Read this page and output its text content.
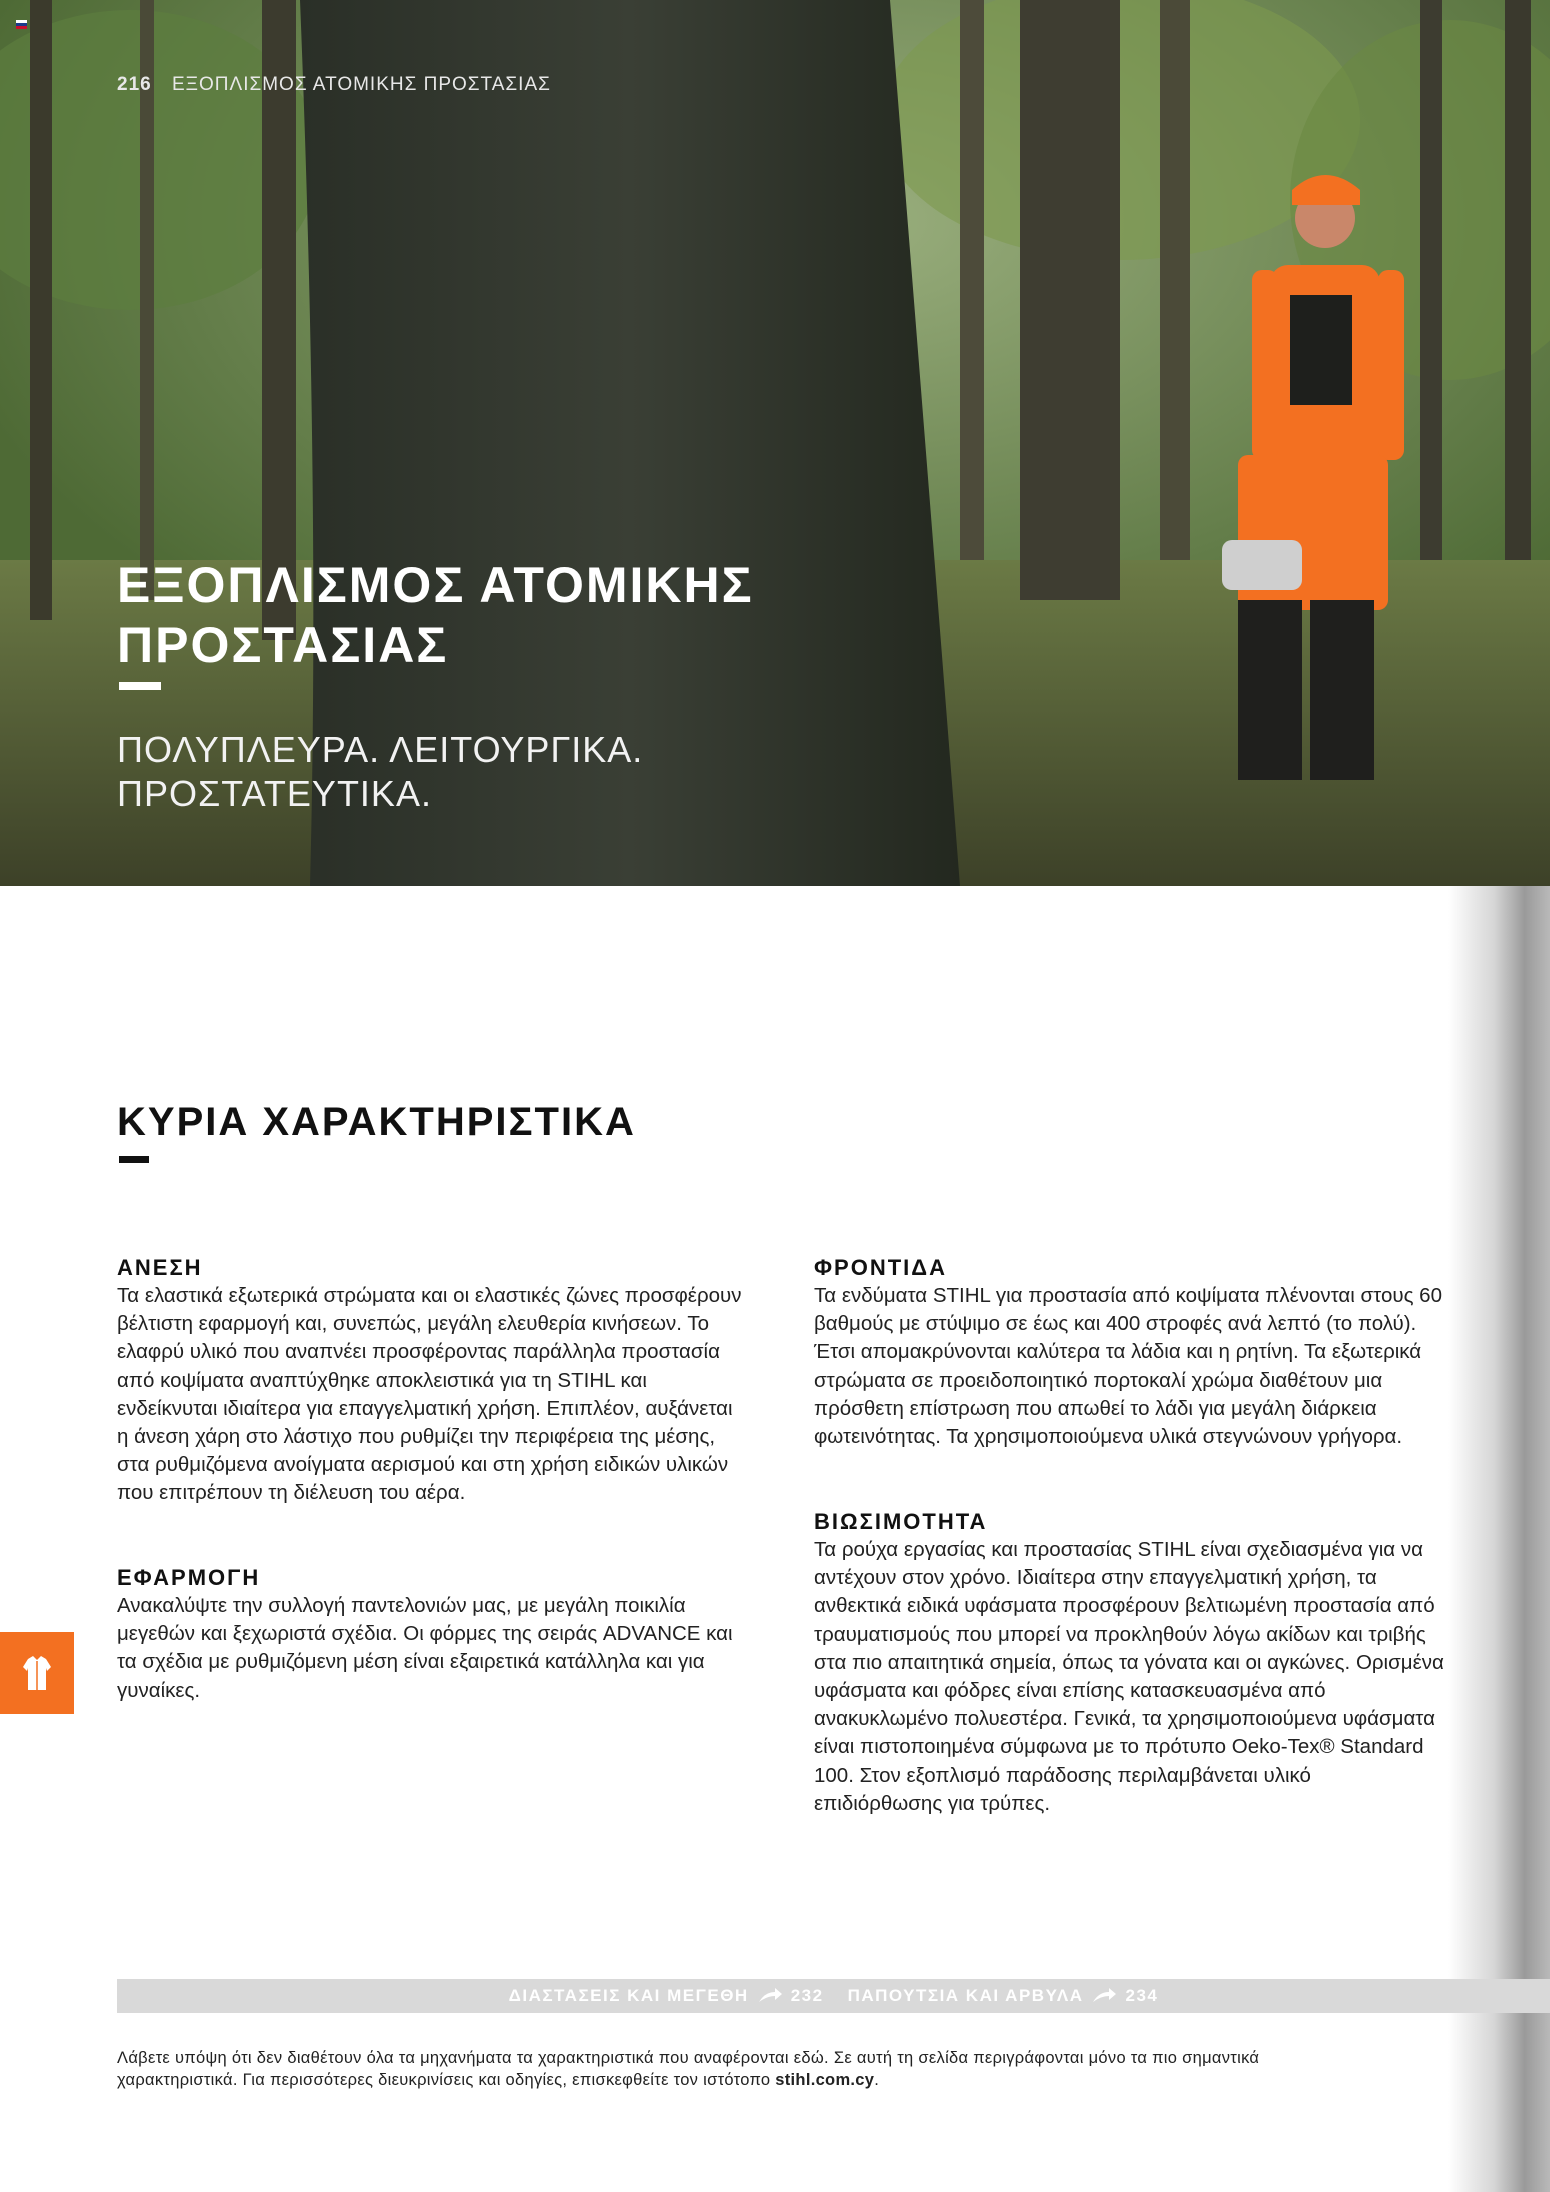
216 ΕΞΟΠΛΙΣΜΟΣ ΑΤΟΜΙΚΗΣ ΠΡΟΣΤΑΣΙΑΣ
ΕΞΟΠΛΙΣΜΟΣ ΑΤΟΜΙΚΗΣ
ΠΡΟΣΤΑΣΙΑΣ
ΠΟΛΥΠΛΕΥΡΑ. ΛΕΙΤΟΥΡΓΙΚΑ.
ΠΡΟΣΤΑΤΕΥΤΙΚΑ.
ΚΥΡΙΑ ΧΑΡΑΚΤΗΡΙΣΤΙΚΑ
ΑΝΕΣΗ

Τα ελαστικά εξωτερικά στρώματα και οι ελαστικές ζώνες προσφέρουν βέλτιστη εφαρμογή και, συνεπώς, μεγάλη ελευθερία κινήσεων. Το ελαφρύ υλικό που αναπνέει προσφέροντας παράλληλα προστασία από κοψίματα αναπτύχθηκε αποκλειστικά για τη STIHL και ενδείκνυται ιδιαίτερα για επαγγελματική χρήση. Επιπλέον, αυξάνεται η άνεση χάρη στο λάστιχο που ρυθμίζει την περιφέρεια της μέσης, στα ρυθμιζόμενα ανοίγματα αερισμού και στη χρήση ειδικών υλικών που επιτρέπουν τη διέλευση του αέρα.

ΕΦΑΡΜΟΓΗ

Ανακαλύψτε την συλλογή παντελονιών μας, με μεγάλη ποικιλία μεγεθών και ξεχωριστά σχέδια. Οι φόρμες της σειράς ADVANCE και τα σχέδια με ρυθμιζόμενη μέση είναι εξαιρετικά κατάλληλα και για γυναίκες.

ΦΡΟΝΤΙΔΑ

Τα ενδύματα STIHL για προστασία από κοψίματα πλένονται στους 60 βαθμούς με στύψιμο σε έως και 400 στροφές ανά λεπτό (το πολύ). Έτσι απομακρύνονται καλύτερα τα λάδια και η ρητίνη. Τα εξωτερικά στρώματα σε προειδοποιητικό πορτοκαλί χρώμα διαθέτουν μια πρόσθετη επίστρωση που απωθεί το λάδι για μεγάλη διάρκεια φωτεινότητας. Τα χρησιμοποιούμενα υλικά στεγνώνουν γρήγορα.

ΒΙΩΣΙΜΟΤΗΤΑ

Τα ρούχα εργασίας και προστασίας STIHL είναι σχεδιασμένα για να αντέχουν στον χρόνο. Ιδιαίτερα στην επαγγελματική χρήση, τα ανθεκτικά ειδικά υφάσματα προσφέρουν βελτιωμένη προστασία από τραυματισμούς που μπορεί να προκληθούν λόγω ακίδων και τριβής στα πιο απαιτητικά σημεία, όπως τα γόνατα και οι αγκώνες. Ορισμένα υφάσματα και φόδρες είναι επίσης κατασκευασμένα από ανακυκλωμένο πολυεστέρα. Γενικά, τα χρησιμοποιούμενα υφάσματα είναι πιστοποιημένα σύμφωνα με το πρότυπο Oeko-Tex® Standard 100. Στον εξοπλισμό παράδοσης περιλαμβάνεται υλικό επιδιόρθωσης για τρύπες.

ΔΙΑΣΤΑΣΕΙΣ ΚΑΙ ΜΕΓΕΘΗ 232 ΠΑΠΟΥΤΣΙΑ ΚΑΙ ΑΡΒΥΛΑ 234
Λάβετε υπόψη ότι δεν διαθέτουν όλα τα μηχανήματα τα χαρακτηριστικά που αναφέρονται εδώ. Σε αυτή τη σελίδα περιγράφονται μόνο τα πιο σημαντικά χαρακτηριστικά. Για περισσότερες διευκρινίσεις και οδηγίες, επισκεφθείτε τον ιστότοπο stihl.com.cy.
